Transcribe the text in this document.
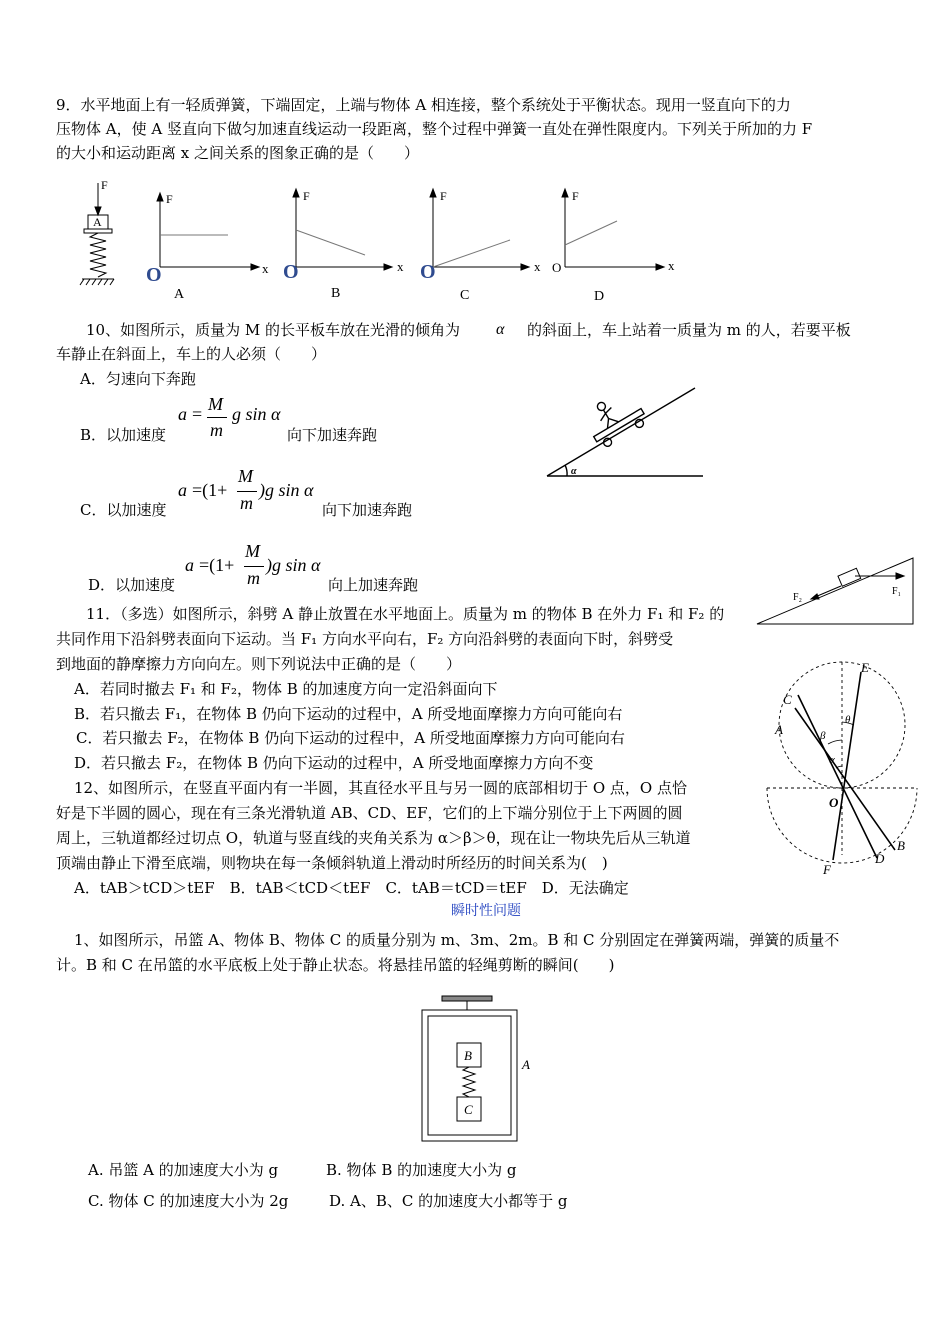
9．水平地面上有一轻质弹簧，下端固定，上端与物体 A 相连接，整个系统处于平衡状态。现用一竖直向下的力
压物体 A，使 A 竖直向下做匀加速直线运动一段距离，整个过程中弹簧一直处在弹性限度内。下列关于所加的力 F
的大小和运动距离 x 之间关系的图象正确的是（　　）
F
A
F
O	x
A
F
O	x
B
F
O	x
C
F
O	x
D
10、如图所示，质量为 M 的长平板车放在光滑的倾角为 α 的斜面上，车上站着一质量为 m 的人，若要平板
车静止在斜面上，车上的人必须（　　）
A．匀速向下奔跑
B．以加速度
a = M
m
g sin α
向下加速奔跑
C．以加速度
a =(1+
M
m
)g sin α
向下加速奔跑
D．以加速度
a =(1+
M
m
)g sin α
向上加速奔跑
α
11．（多选）如图所示，斜劈 A 静止放置在水平地面上。质量为 m 的物体 B 在外力 F₁ 和 F₂ 的
共同作用下沿斜劈表面向下运动。当 F₁ 方向水平向右，F₂ 方向沿斜劈的表面向下时，斜劈受
到地面的静摩擦力方向向左。则下列说法中正确的是（　　）
A．若同时撤去 F₁ 和 F₂，物体 B 的加速度方向一定沿斜面向下
B．若只撤去 F₁，在物体 B 仍向下运动的过程中，A 所受地面摩擦力方向可能向右
C．若只撤去 F₂，在物体 B 仍向下运动的过程中，A 所受地面摩擦力方向可能向右
D．若只撤去 F₂，在物体 B 仍向下运动的过程中，A 所受地面摩擦力方向不变
F₂
F₁
12、如图所示，在竖直平面内有一半圆，其直径水平且与另一圆的底部相切于 O 点，O 点恰
好是下半圆的圆心，现在有三条光滑轨道 AB、CD、EF，它们的上下端分别位于上下两圆的圆
周上，三轨道都经过切点 O，轨道与竖直线的夹角关系为 α＞β＞θ，现在让一物块先后从三轨道
顶端由静止下滑至底端，则物块在每一条倾斜轨道上滑动时所经历的时间关系为(　)
A．tAB＞tCD＞tEF　B．tAB＜tCD＜tEF　C．tAB＝tCD＝tEF　D．无法确定
E
C
A
O
B
D
F
α
β
θ
瞬时性问题
1、如图所示，吊篮 A、物体 B、物体 C 的质量分别为 m、3m、2m。B 和 C 分别固定在弹簧两端，弹簧的质量不
计。B 和 C 在吊篮的水平底板上处于静止状态。将悬挂吊篮的轻绳剪断的瞬间(　　)
B
C
A
A. 吊篮 A 的加速度大小为 g	B. 物体 B 的加速度大小为 g
C. 物体 C 的加速度大小为 2g	D. A、B、C 的加速度大小都等于 g
